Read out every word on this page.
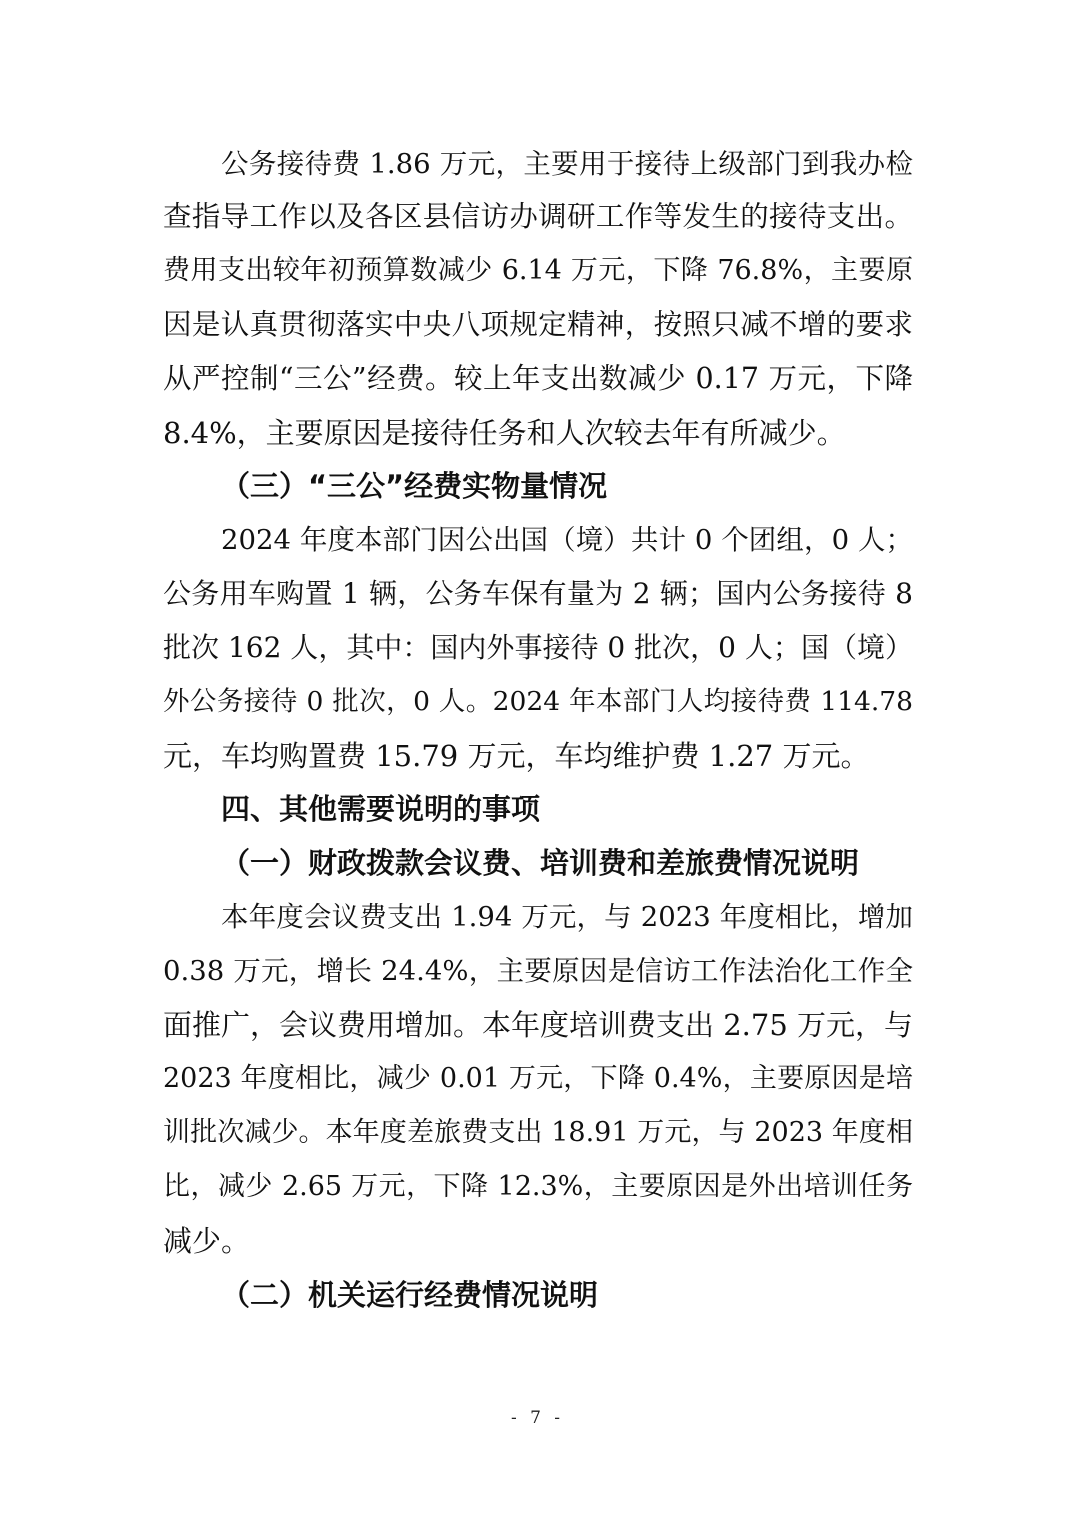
公务接待费 1.86 万元，主要用于接待上级部门到我办检
查指导工作以及各区县信访办调研工作等发生的接待支出。
费用支出较年初预算数减少 6.14 万元，下降 76.8%，主要原
因是认真贯彻落实中央八项规定精神，按照只减不增的要求
从严控制“三公”经费。较上年支出数减少 0.17 万元，下降
8.4%，主要原因是接待任务和人次较去年有所减少。
（三）“三公”经费实物量情况
2024 年度本部门因公出国（境）共计 0 个团组，0 人；
公务用车购置 1 辆，公务车保有量为 2 辆；国内公务接待 8
批次 162 人，其中：国内外事接待 0 批次，0 人；国（境）
外公务接待 0 批次，0 人。2024 年本部门人均接待费 114.78
元，车均购置费 15.79 万元，车均维护费 1.27 万元。
四、其他需要说明的事项
（一）财政拨款会议费、培训费和差旅费情况说明
本年度会议费支出 1.94 万元，与 2023 年度相比，增加
0.38 万元，增长 24.4%，主要原因是信访工作法治化工作全
面推广，会议费用增加。本年度培训费支出 2.75 万元，与
2023 年度相比，减少 0.01 万元，下降 0.4%，主要原因是培
训批次减少。本年度差旅费支出 18.91 万元，与 2023 年度相
比，减少 2.65 万元，下降 12.3%，主要原因是外出培训任务
减少。
（二）机关运行经费情况说明
- 7 -
